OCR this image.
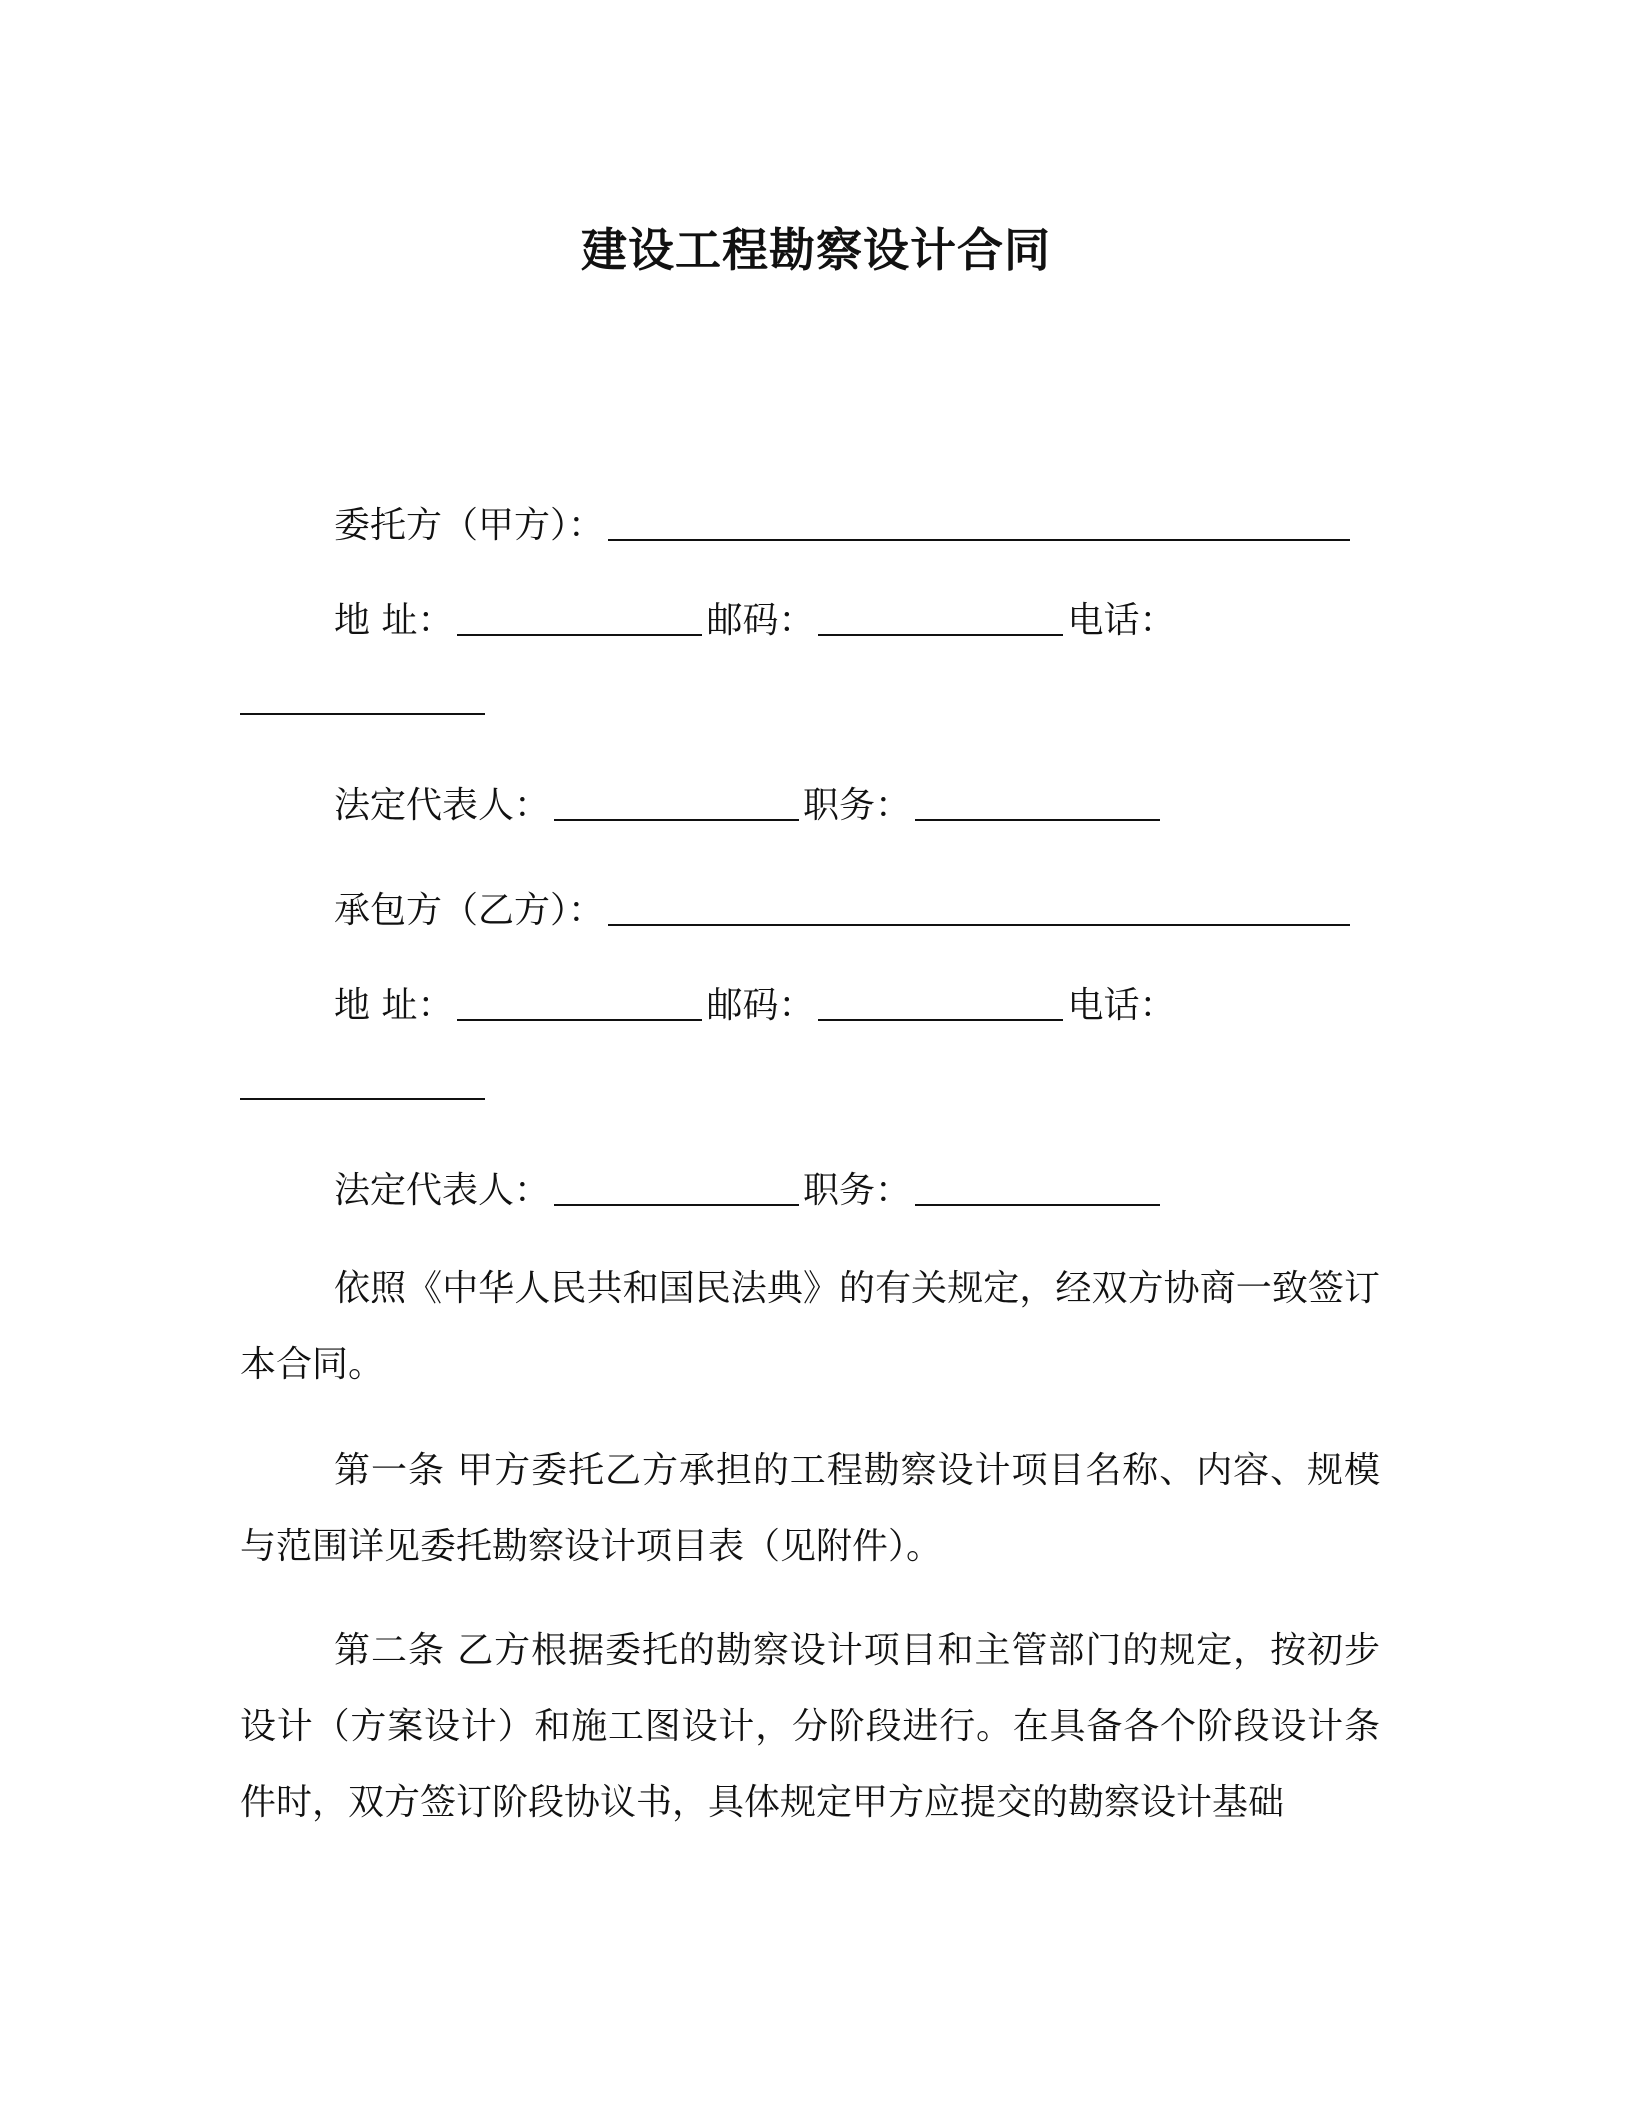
建设工程勘察设计合同

委托方（甲方）：

地 址：	邮码：	电话：

法定代表人：	职务：

承包方（乙方）：

地 址：	邮码：	电话：

法定代表人：	职务：

依照《中华人民共和国民法典》的有关规定，经双方协商一致签订本合同。

第一条 甲方委托乙方承担的工程勘察设计项目名称、内容、规模与范围详见委托勘察设计项目表（见附件）。

第二条 乙方根据委托的勘察设计项目和主管部门的规定，按初步设计（方案设计）和施工图设计，分阶段进行。在具备各个阶段设计条件时，双方签订阶段协议书，具体规定甲方应提交的勘察设计基础
